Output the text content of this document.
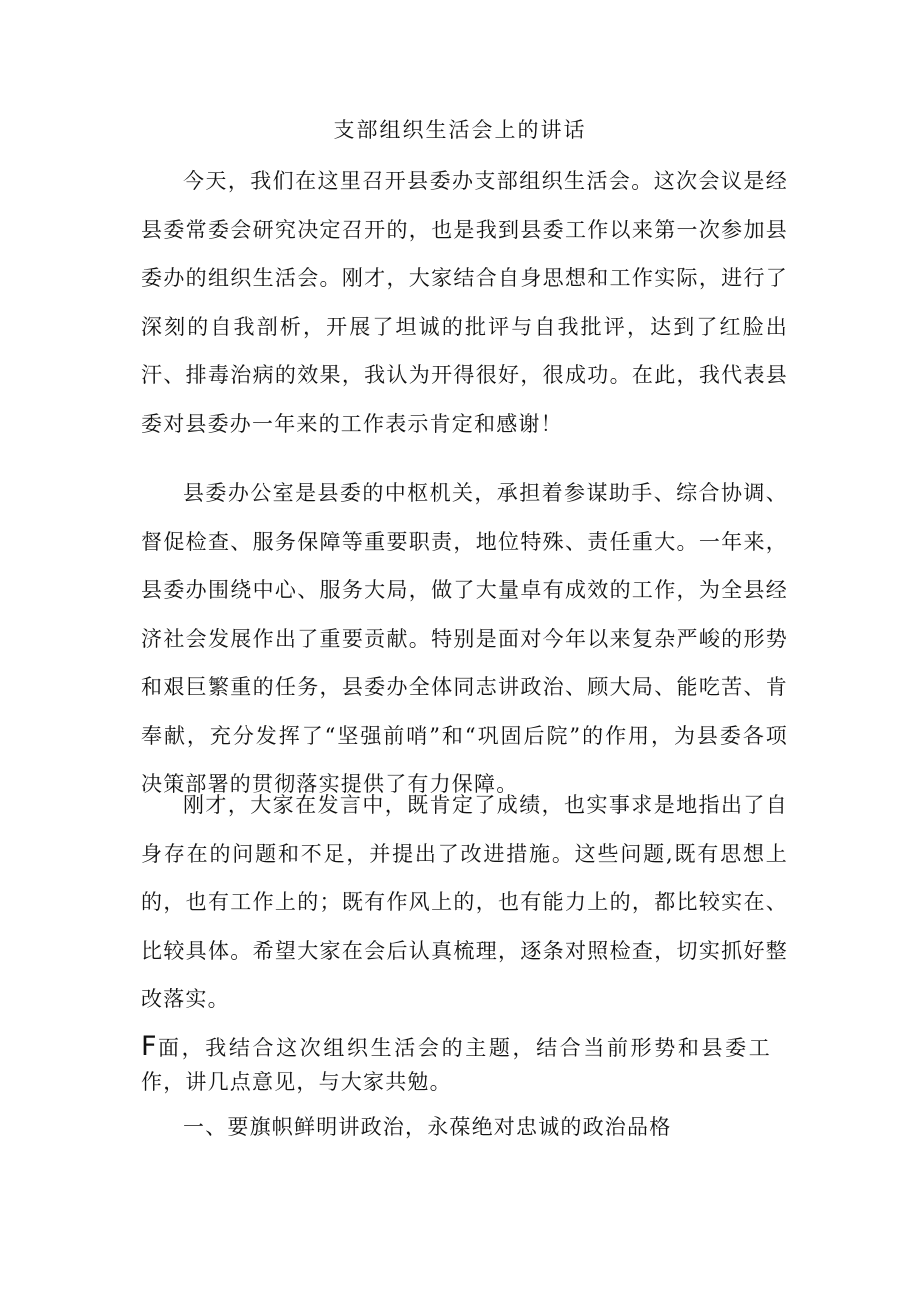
支部组织生活会上的讲话

今天，我们在这里召开县委办支部组织生活会。这次会议是经县委常委会研究决定召开的，也是我到县委工作以来第一次参加县委办的组织生活会。刚才，大家结合自身思想和工作实际，进行了深刻的自我剖析，开展了坦诚的批评与自我批评，达到了红脸出汗、排毒治病的效果，我认为开得很好，很成功。在此，我代表县委对县委办一年来的工作表示肯定和感谢！

县委办公室是县委的中枢机关，承担着参谋助手、综合协调、督促检查、服务保障等重要职责，地位特殊、责任重大。一年来，县委办围绕中心、服务大局，做了大量卓有成效的工作，为全县经济社会发展作出了重要贡献。特别是面对今年以来复杂严峻的形势和艰巨繁重的任务，县委办全体同志讲政治、顾大局、能吃苦、肯奉献，充分发挥了“坚强前哨”和“巩固后院”的作用，为县委各项决策部署的贯彻落实提供了有力保障。

刚才，大家在发言中，既肯定了成绩，也实事求是地指出了自身存在的问题和不足，并提出了改进措施。这些问题,既有思想上的，也有工作上的；既有作风上的，也有能力上的，都比较实在、比较具体。希望大家在会后认真梳理，逐条对照检查，切实抓好整改落实。

F面，我结合这次组织生活会的主题，结合当前形势和县委工作，讲几点意见，与大家共勉。

一、要旗帜鲜明讲政治，永葆绝对忠诚的政治品格
